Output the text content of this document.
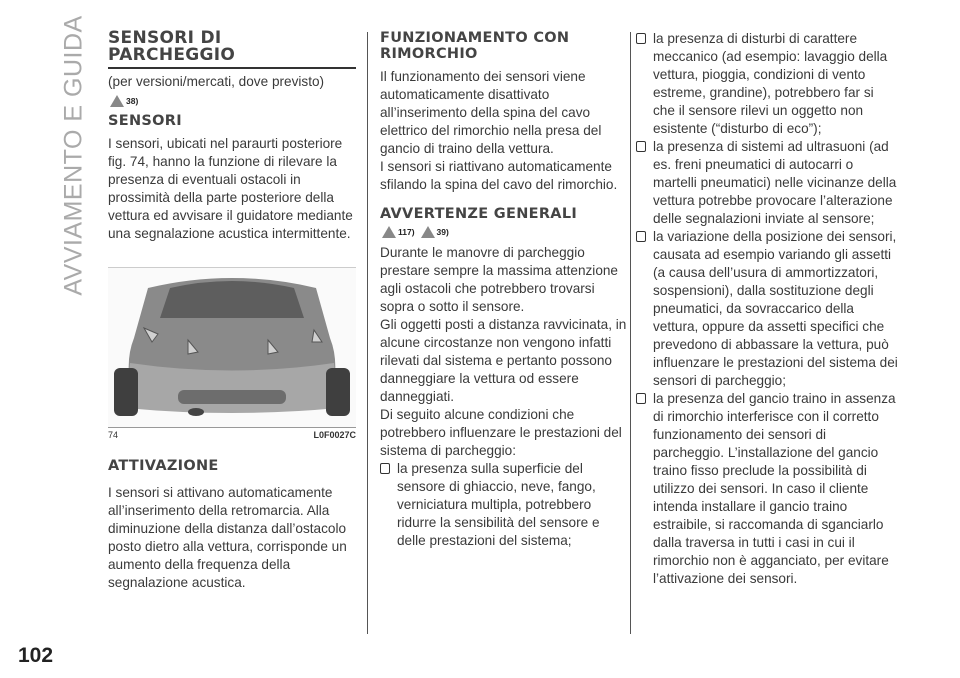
AVVIAMENTO E GUIDA
102
SENSORI DI
PARCHEGGIO

(per versioni/mercati, dove previsto)

38)
SENSORI

I sensori, ubicati nel paraurti posteriore fig. 74, hanno la funzione di rilevare la presenza di eventuali ostacoli in prossimità della parte posteriore della vettura ed avvisare il guidatore mediante una segnalazione acustica intermittente.

74	L0F0027C
ATTIVAZIONE

I sensori si attivano automaticamente all’inserimento della retromarcia. Alla diminuzione della distanza dall’ostacolo posto dietro alla vettura, corrisponde un aumento della frequenza della segnalazione acustica.

FUNZIONAMENTO CON
RIMORCHIO

Il funzionamento dei sensori viene automaticamente disattivato all’inserimento della spina del cavo elettrico del rimorchio nella presa del gancio di traino della vettura.

I sensori si riattivano automaticamente sfilando la spina del cavo del rimorchio.

AVVERTENZE GENERALI
117)	39)

Durante le manovre di parcheggio prestare sempre la massima attenzione agli ostacoli che potrebbero trovarsi sopra o sotto il sensore.

Gli oggetti posti a distanza ravvicinata, in alcune circostanze non vengono infatti rilevati dal sistema e pertanto possono danneggiare la vettura od essere danneggiati.

Di seguito alcune condizioni che potrebbero influenzare le prestazioni del sistema di parcheggio:

la presenza sulla superficie del sensore di ghiaccio, neve, fango, verniciatura multipla, potrebbero ridurre la sensibilità del sensore e delle prestazioni del sistema;
la presenza di disturbi di carattere meccanico (ad esempio: lavaggio della vettura, pioggia, condizioni di vento estreme, grandine), potrebbero far si che il sensore rilevi un oggetto non esistente (“disturbo di eco”);
la presenza di sistemi ad ultrasuoni (ad es. freni pneumatici di autocarri o martelli pneumatici) nelle vicinanze della vettura potrebbe provocare l’alterazione delle segnalazioni inviate al sensore;
la variazione della posizione dei sensori, causata ad esempio variando gli assetti (a causa dell’usura di ammortizzatori, sospensioni), dalla sostituzione degli pneumatici, da sovraccarico della vettura, oppure da assetti specifici che prevedono di abbassare la vettura, può influenzare le prestazioni del sistema dei sensori di parcheggio;
la presenza del gancio traino in assenza di rimorchio interferisce con il corretto funzionamento dei sensori di parcheggio. L’installazione del gancio traino fisso preclude la possibilità di utilizzo dei sensori. In caso il cliente intenda installare il gancio traino estraibile, si raccomanda di sganciarlo dalla traversa in tutti i casi in cui il rimorchio non è agganciato, per evitare l’attivazione dei sensori.
